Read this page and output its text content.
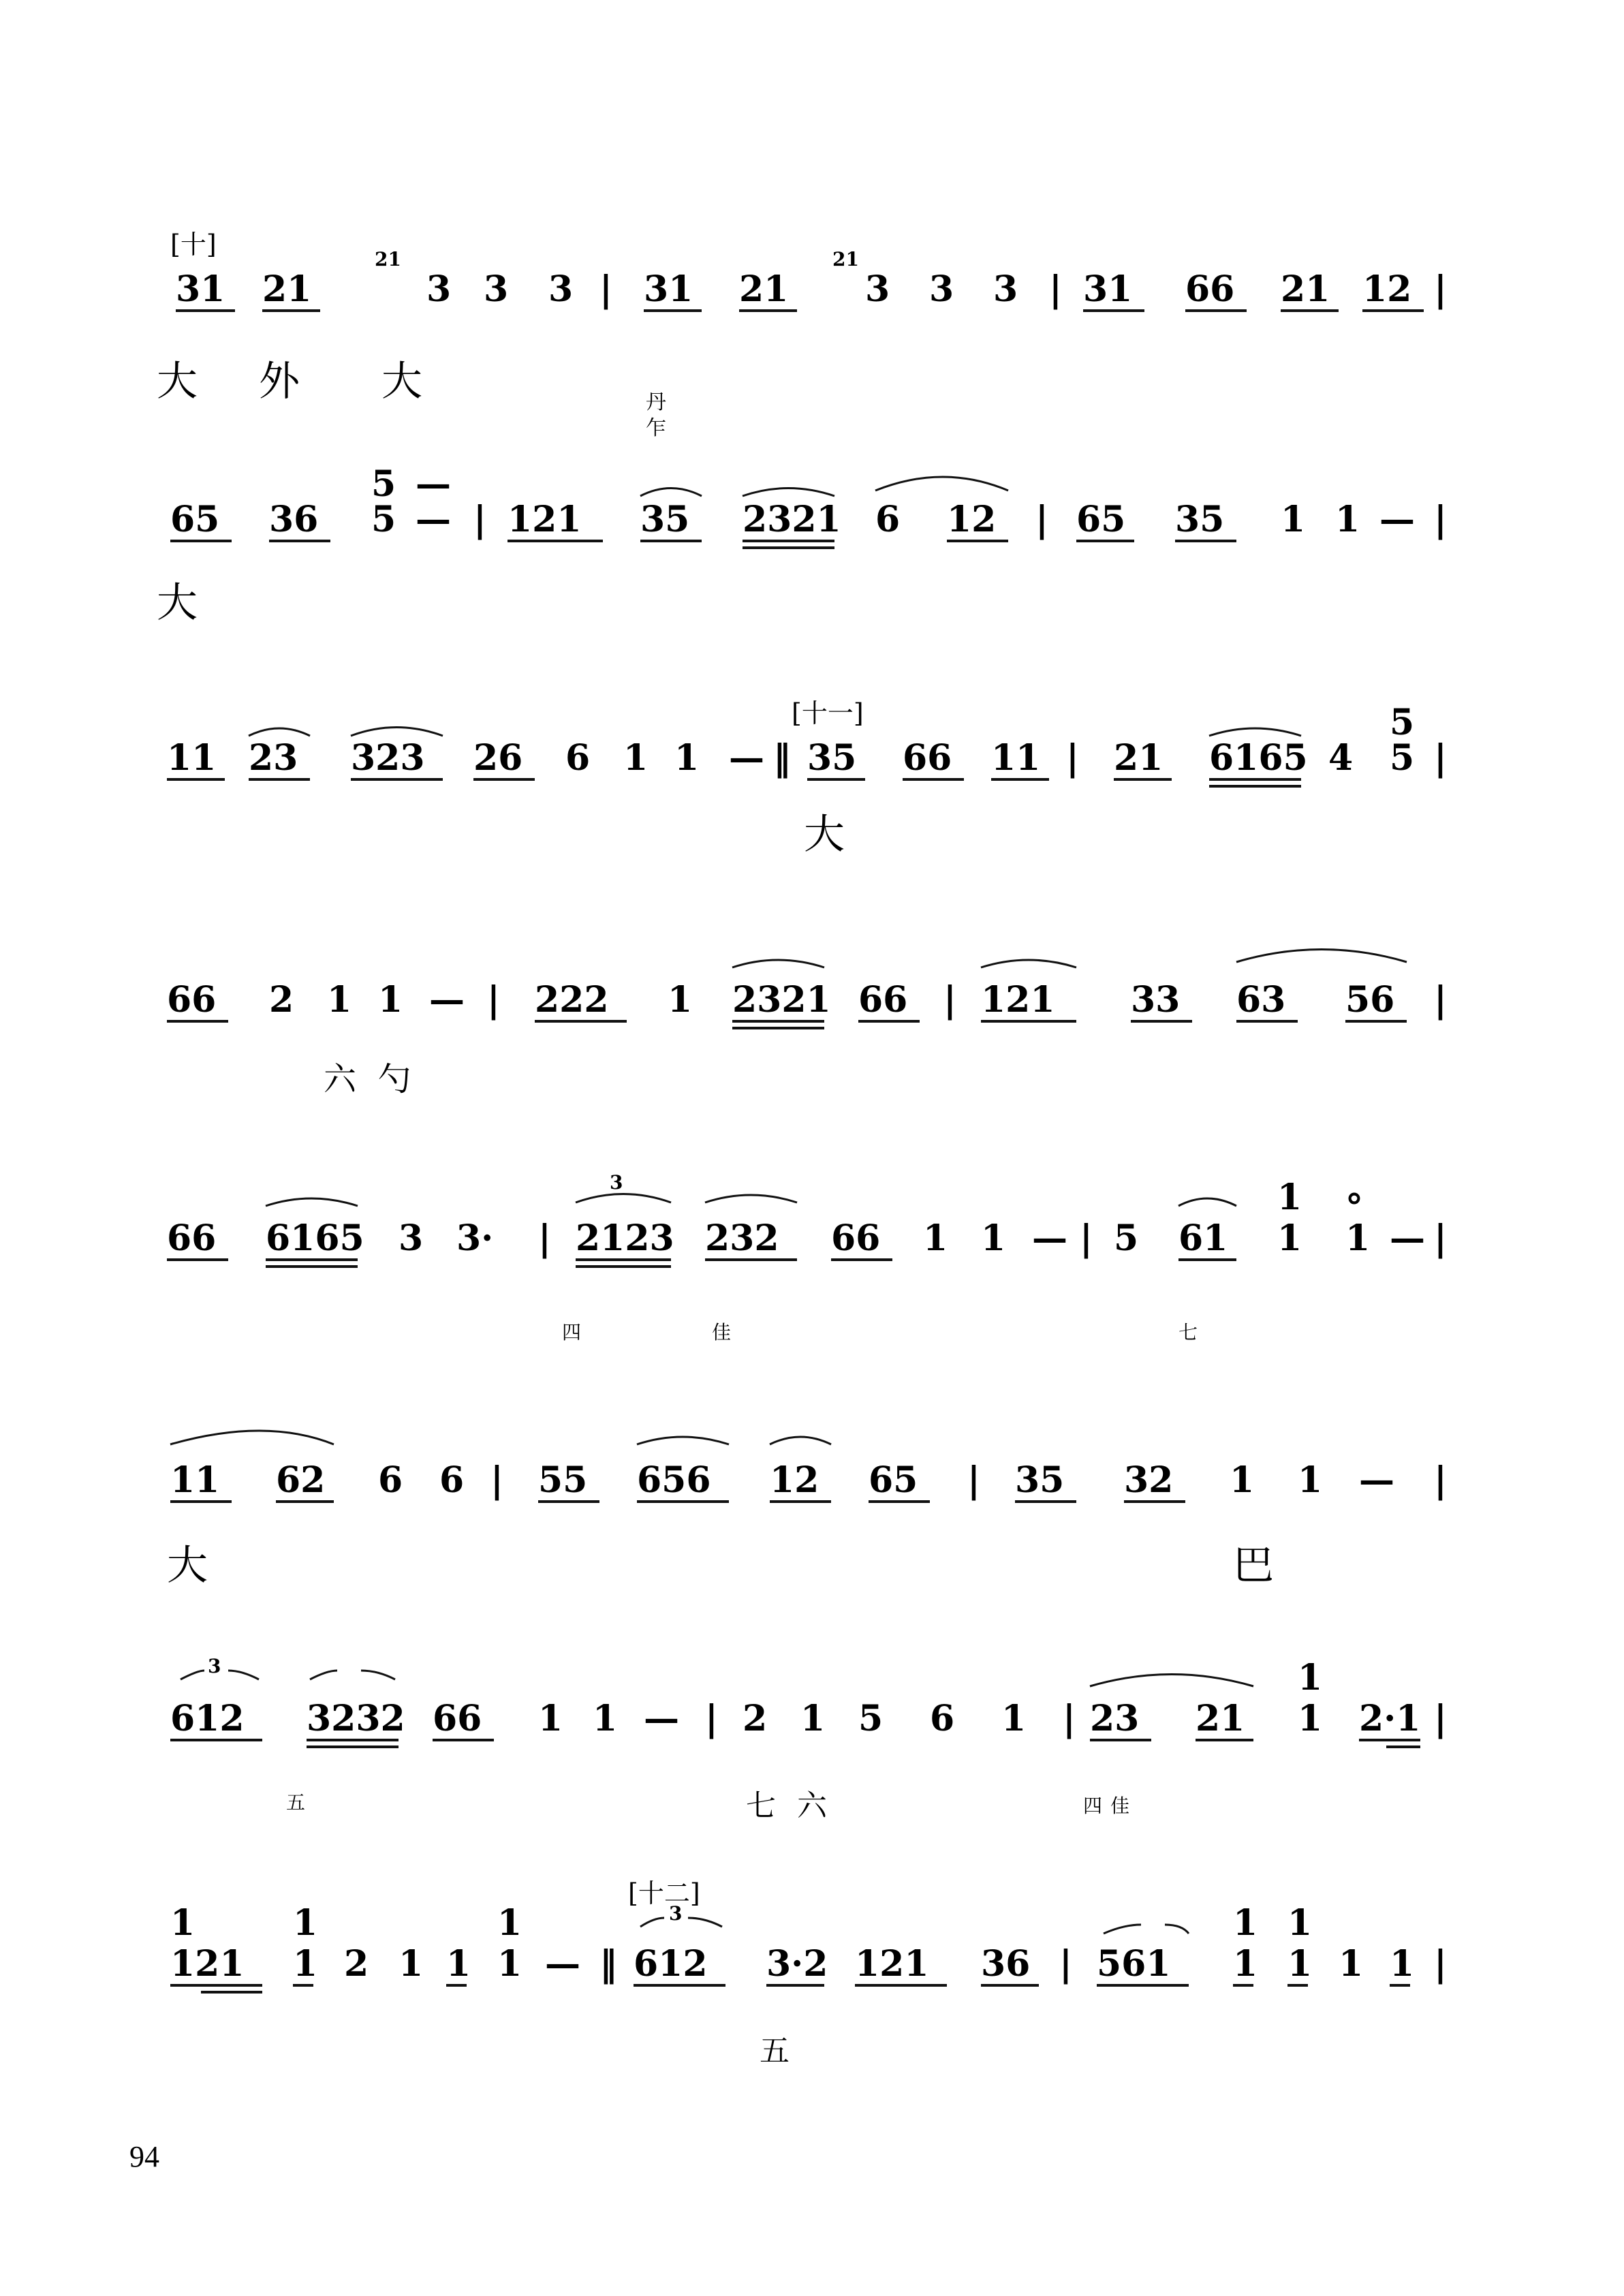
[十]
[十一]
[十二]
21	21
31 21	3 3 3 | 31 21 3 3 3 | 31 66 21 12 |
大 外 大	丹
乍
5 —
65 36 5 — | 121 35 2321 6 12 | 65 35 1 1 — |
大
5
11 23 323 26 6 1 1 — ‖ 35 66 11 | 21 6165 4 5 |
大
66 2 1 1 — | 222 1 2321 66 | 121 33 63 56 |
六 勺
3	1 °
66 6165 3 3· | 2123 232 66 1 1 — | 5 61 1 1 — |
四	佳	七
11 62 6 6 | 55 656 12 65 | 35 32 1 1 — |
大	巴
3	1
612 3232 66 1 1 — | 2 1 5 6 1 | 23 21 1 2·1 |
五	七 六	四 佳
3
1	1	1	1 1
121 1 2 1 1 1 — ‖ 612 3·2 121 36 | 561 1 1 1 1 |
五
94
